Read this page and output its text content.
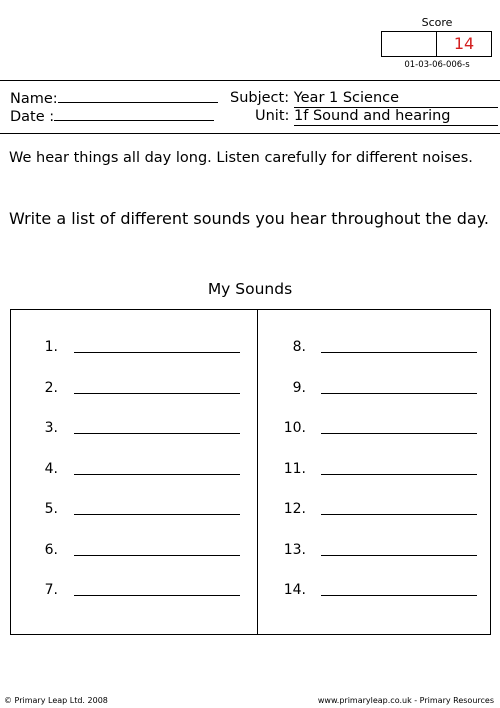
Score
14
01-03-06-006-s
Name:
Date :
Subject: Year 1 Science
Unit: 1f Sound and hearing
We hear things all day long. Listen carefully for different noises.
Write a list of different sounds you hear throughout the day.
My Sounds
1.
2.
3.
4.
5.
6.
7.
8.
9.
10.
11.
12.
13.
14.
© Primary Leap Ltd. 2008	www.primaryleap.co.uk - Primary Resources
